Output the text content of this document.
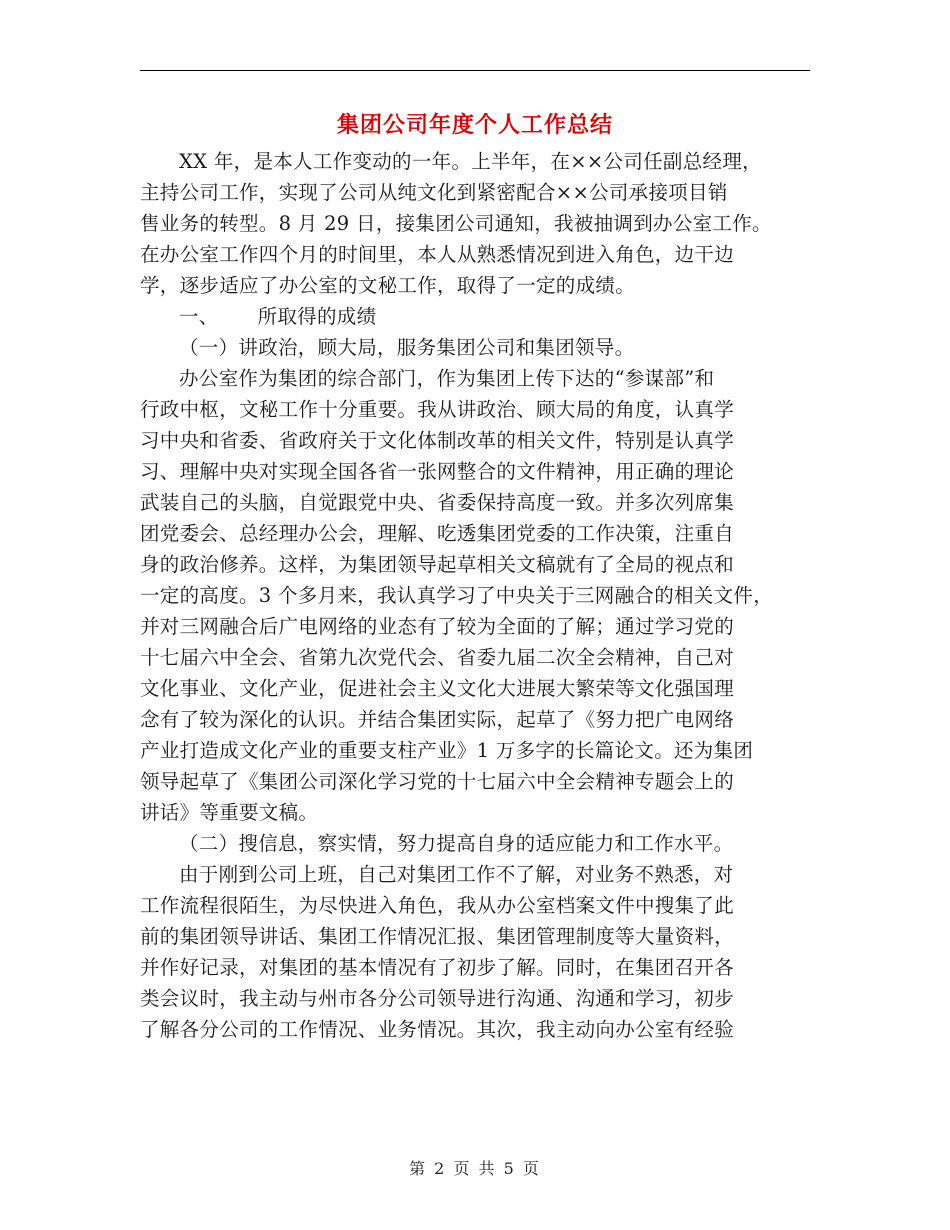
集团公司年度个人工作总结
XX 年，是本人工作变动的一年。上半年，在××公司任副总经理，
主持公司工作，实现了公司从纯文化到紧密配合××公司承接项目销
售业务的转型。8 月 29 日，接集团公司通知，我被抽调到办公室工作。
在办公室工作四个月的时间里，本人从熟悉情况到进入角色，边干边
学，逐步适应了办公室的文秘工作，取得了一定的成绩。
一、      所取得的成绩
（一）讲政治，顾大局，服务集团公司和集团领导。
办公室作为集团的综合部门，作为集团上传下达的“参谋部”和
行政中枢，文秘工作十分重要。我从讲政治、顾大局的角度，认真学
习中央和省委、省政府关于文化体制改革的相关文件，特别是认真学
习、理解中央对实现全国各省一张网整合的文件精神，用正确的理论
武装自己的头脑，自觉跟党中央、省委保持高度一致。并多次列席集
团党委会、总经理办公会，理解、吃透集团党委的工作决策，注重自
身的政治修养。这样，为集团领导起草相关文稿就有了全局的视点和
一定的高度。3 个多月来，我认真学习了中央关于三网融合的相关文件，
并对三网融合后广电网络的业态有了较为全面的了解；通过学习党的
十七届六中全会、省第九次党代会、省委九届二次全会精神，自己对
文化事业、文化产业，促进社会主义文化大进展大繁荣等文化强国理
念有了较为深化的认识。并结合集团实际，起草了《努力把广电网络
产业打造成文化产业的重要支柱产业》1 万多字的长篇论文。还为集团
领导起草了《集团公司深化学习党的十七届六中全会精神专题会上的
讲话》等重要文稿。
（二）搜信息，察实情，努力提高自身的适应能力和工作水平。
由于刚到公司上班，自己对集团工作不了解，对业务不熟悉，对
工作流程很陌生，为尽快进入角色，我从办公室档案文件中搜集了此
前的集团领导讲话、集团工作情况汇报、集团管理制度等大量资料，
并作好记录，对集团的基本情况有了初步了解。同时，在集团召开各
类会议时，我主动与州市各分公司领导进行沟通、沟通和学习，初步
了解各分公司的工作情况、业务情况。其次，我主动向办公室有经验
第 2 页 共 5 页
